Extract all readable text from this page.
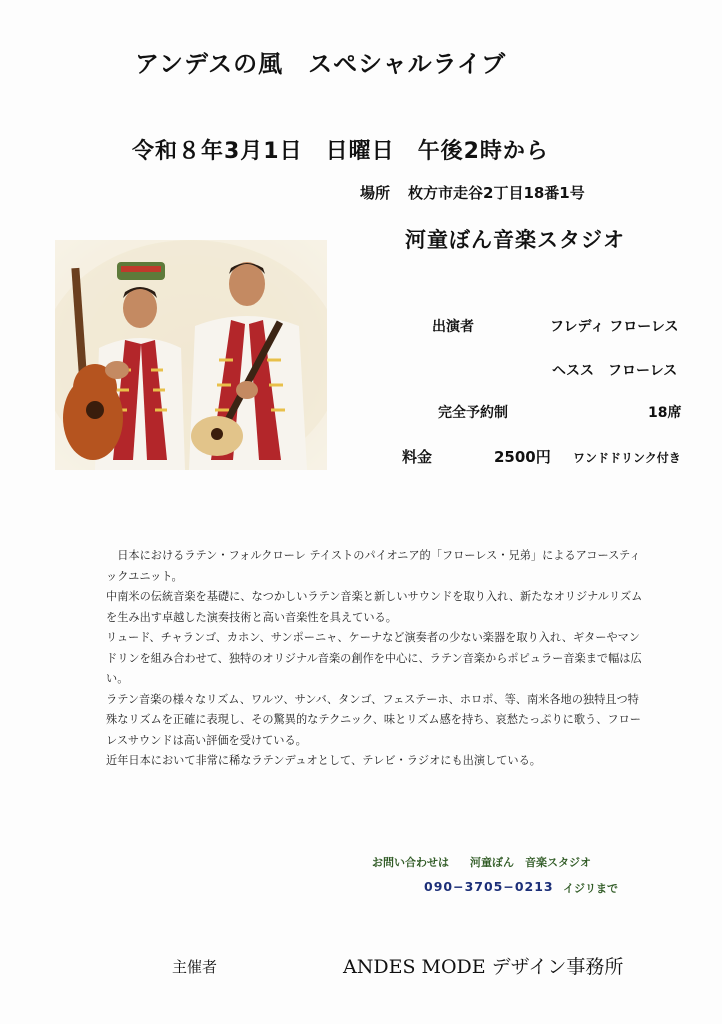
アンデスの風　スペシャルライブ
令和８年3月1日　日曜日　午後2時から
場所 枚方市走谷2丁目18番1号
河童ぼん音楽スタジオ
出演者	フレディ フローレス
ヘスス　フローレス
完全予約制	18席
料金	2500円 ワンドドリンク付き

　日本におけるラテン・フォルクローレ テイストのパイオニア的「フローレス・兄弟」によるアコースティックユニット。

中南米の伝統音楽を基礎に、なつかしいラテン音楽と新しいサウンドを取り入れ、新たなオリジナルリズムを生み出す卓越した演奏技術と高い音楽性を具えている。

リュード、チャランゴ、カホン、サンポーニャ、ケーナなど演奏者の少ない楽器を取り入れ、ギターやマンドリンを組み合わせて、独特のオリジナル音楽の創作を中心に、ラテン音楽からポピュラー音楽まで幅は広い。

ラテン音楽の様々なリズム、ワルツ、サンバ、タンゴ、フェステーホ、ホロポ、等、南米各地の独特且つ特殊なリズムを正確に表現し、その驚異的なテクニック、味とリズム感を持ち、哀愁たっぷりに歌う、フローレスサウンドは高い評価を受けている。

近年日本において非常に稀なラテンデュオとして、テレビ・ラジオにも出演している。

お問い合わせは 河童ぼん　音楽スタジオ
090−3705−0213 イジリまで
主催者	ANDES MODE デザイン事務所
